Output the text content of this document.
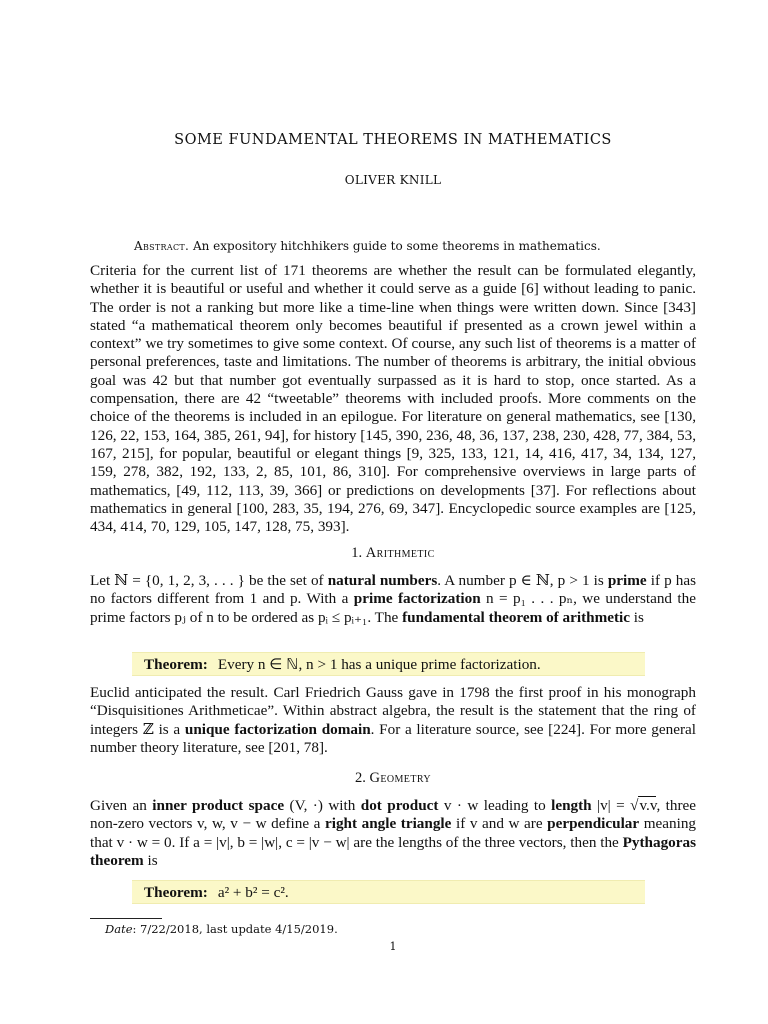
SOME FUNDAMENTAL THEOREMS IN MATHEMATICS
OLIVER KNILL
Abstract. An expository hitchhikers guide to some theorems in mathematics.
Criteria for the current list of 171 theorems are whether the result can be formulated elegantly, whether it is beautiful or useful and whether it could serve as a guide [6] without leading to panic. The order is not a ranking but more like a time-line when things were written down. Since [343] stated “a mathematical theorem only becomes beautiful if presented as a crown jewel within a context” we try sometimes to give some context. Of course, any such list of theorems is a matter of personal preferences, taste and limitations. The number of theorems is arbitrary, the initial obvious goal was 42 but that number got eventually surpassed as it is hard to stop, once started. As a compensation, there are 42 “tweetable” theorems with included proofs. More comments on the choice of the theorems is included in an epilogue. For literature on general mathematics, see [130, 126, 22, 153, 164, 385, 261, 94], for history [145, 390, 236, 48, 36, 137, 238, 230, 428, 77, 384, 53, 167, 215], for popular, beautiful or elegant things [9, 325, 133, 121, 14, 416, 417, 34, 134, 127, 159, 278, 382, 192, 133, 2, 85, 101, 86, 310]. For comprehensive overviews in large parts of mathematics, [49, 112, 113, 39, 366] or predictions on developments [37]. For reflections about mathematics in general [100, 283, 35, 194, 276, 69, 347]. Encyclopedic source examples are [125, 434, 414, 70, 129, 105, 147, 128, 75, 393].
1. Arithmetic
Let ℕ = {0, 1, 2, 3, . . . } be the set of natural numbers. A number p ∈ ℕ, p > 1 is prime if p has no factors different from 1 and p. With a prime factorization n = p₁ . . . pₙ, we understand the prime factors pⱼ of n to be ordered as pᵢ ≤ pᵢ₊₁. The fundamental theorem of arithmetic is
Theorem: Every n ∈ ℕ, n > 1 has a unique prime factorization.
Euclid anticipated the result. Carl Friedrich Gauss gave in 1798 the first proof in his monograph “Disquisitiones Arithmeticae”. Within abstract algebra, the result is the statement that the ring of integers ℤ is a unique factorization domain. For a literature source, see [224]. For more general number theory literature, see [201, 78].
2. Geometry
Given an inner product space (V, ·) with dot product v · w leading to length |v| = √v.v, three non-zero vectors v, w, v − w define a right angle triangle if v and w are perpendicular meaning that v · w = 0. If a = |v|, b = |w|, c = |v − w| are the lengths of the three vectors, then the Pythagoras theorem is
Theorem: a² + b² = c².
Date: 7/22/2018, last update 4/15/2019.
1
